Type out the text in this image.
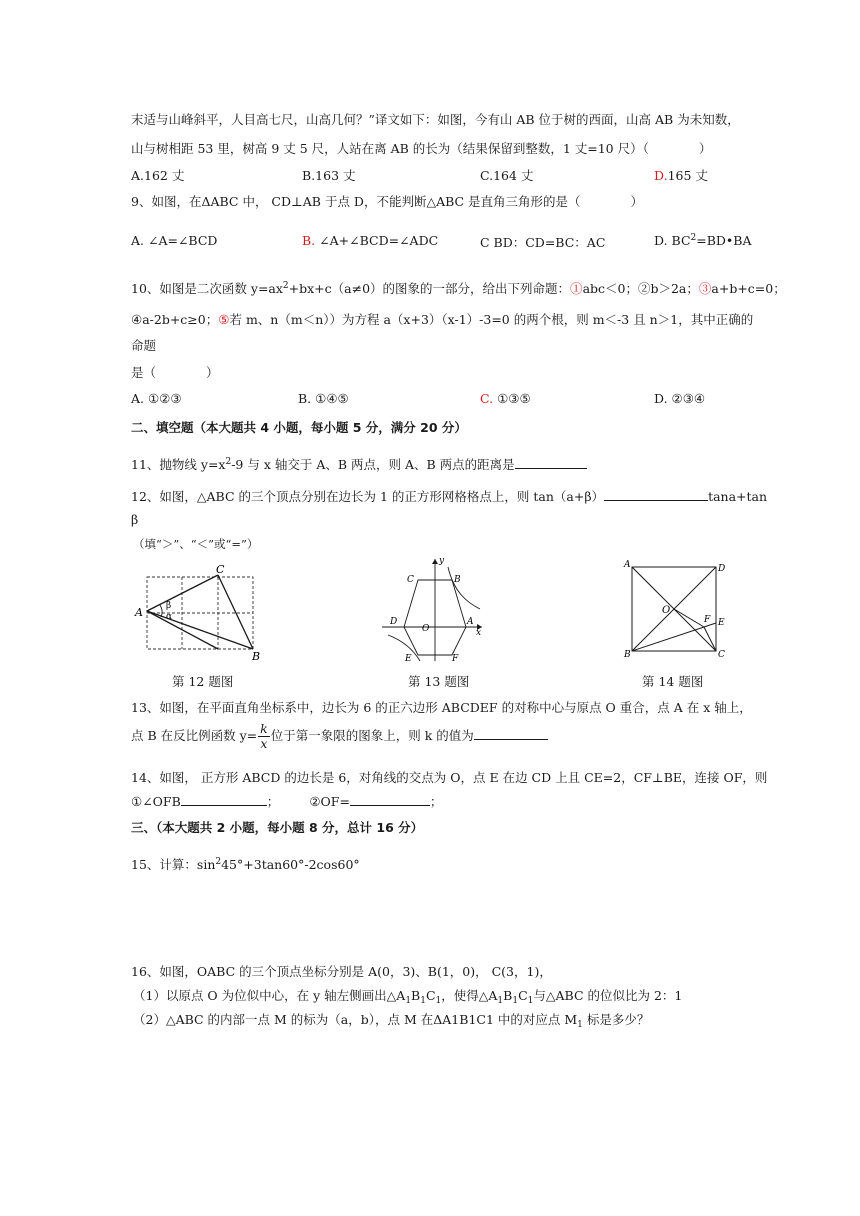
末适与山峰斜平，人目高七尺，山高几何？”译文如下：如图，今有山 AB 位于树的西面，山高 AB 为未知数，
山与树相距 53 里，树高 9 丈 5 尺，人站在离 AB 的长为（结果保留到整数，1 丈=10 尺）（　　　　）
A.162 丈	B.163 丈	C.164 丈	D.165 丈
9、如图，在ΔABC 中， CD⊥AB 于点 D，不能判断△ABC 是直角三角形的是（　　　　）
A. ∠A=∠BCD	B. ∠A+∠BCD=∠ADC	C BD：CD=BC：AC	D. $BC^2=BD•BA$
10、如图是二次函数 $y=ax^2+bx+c(a\ne 0)$的图象的一部分，给出下列命题：①abc＜0；②b＞2a；③a+b+c=0；
④a-2b+c≥0；⑤若 m、n（m＜n））为方程 a（x+3）（x-1）-3=0 的两个根，则 m＜-3 且 n＞1，其中正确的
命题
是（　　　　）
A. ①②③	B. ①④⑤	C. ①③⑤	D. ②③④
二、填空题（本大题共 4 小题，每小题 5 分，满分 20 分）
11、抛物线 $y=x^2-9$ 与 x 轴交于 A、B 两点，则 A、B 两点的距离是
12、如图，△ABC 的三个顶点分别在边长为 1 的正方形网格格点上，则 tan（a+β）	tana+tan
β
（填“＞”、“＜”或“=”）
A
C
B
β
α
第 12 题图
y
x
C	B
D	A
O
E	F
第 13 题图
A	D
B	C
E
F
O
第 14 题图
13、如图，在平面直角坐标系中，边长为 6 的正六边形 ABCDEF 的对称中心与原点 O 重合，点 A 在 x 轴上，
点 B 在反比例函数 $y= \frac{k}{x}$ 位于第一象限的图象上，则 k 的值为
14、如图， 正方形 ABCD 的边长是 6，对角线的交点为 O，点 E 在边 CD 上且 CE=2，CF⊥BE，连接 OF，则
①∠OFB	； ②OF=	；
三、（本大题共 2 小题，每小题 8 分，总计 16 分）
15、计算：$\sin^245^\circ+3\tan 60^\circ-2\cos 60^\circ$
16、如图，OABC 的三个顶点坐标分别是 A(0，3)、B(1，0)， C(3，1)，
（1）以原点 O 为位似中心，在 y 轴左侧画出$\triangle A_1B_1C_1$，使得$\triangle A_1B_1C_1$与△ABC 的位似比为 2：1
（2）△ABC 的内部一点 M 的标为（a，b），点 M 在ΔA1B1C1 中的对应点 $M_1$ 标是多少？
